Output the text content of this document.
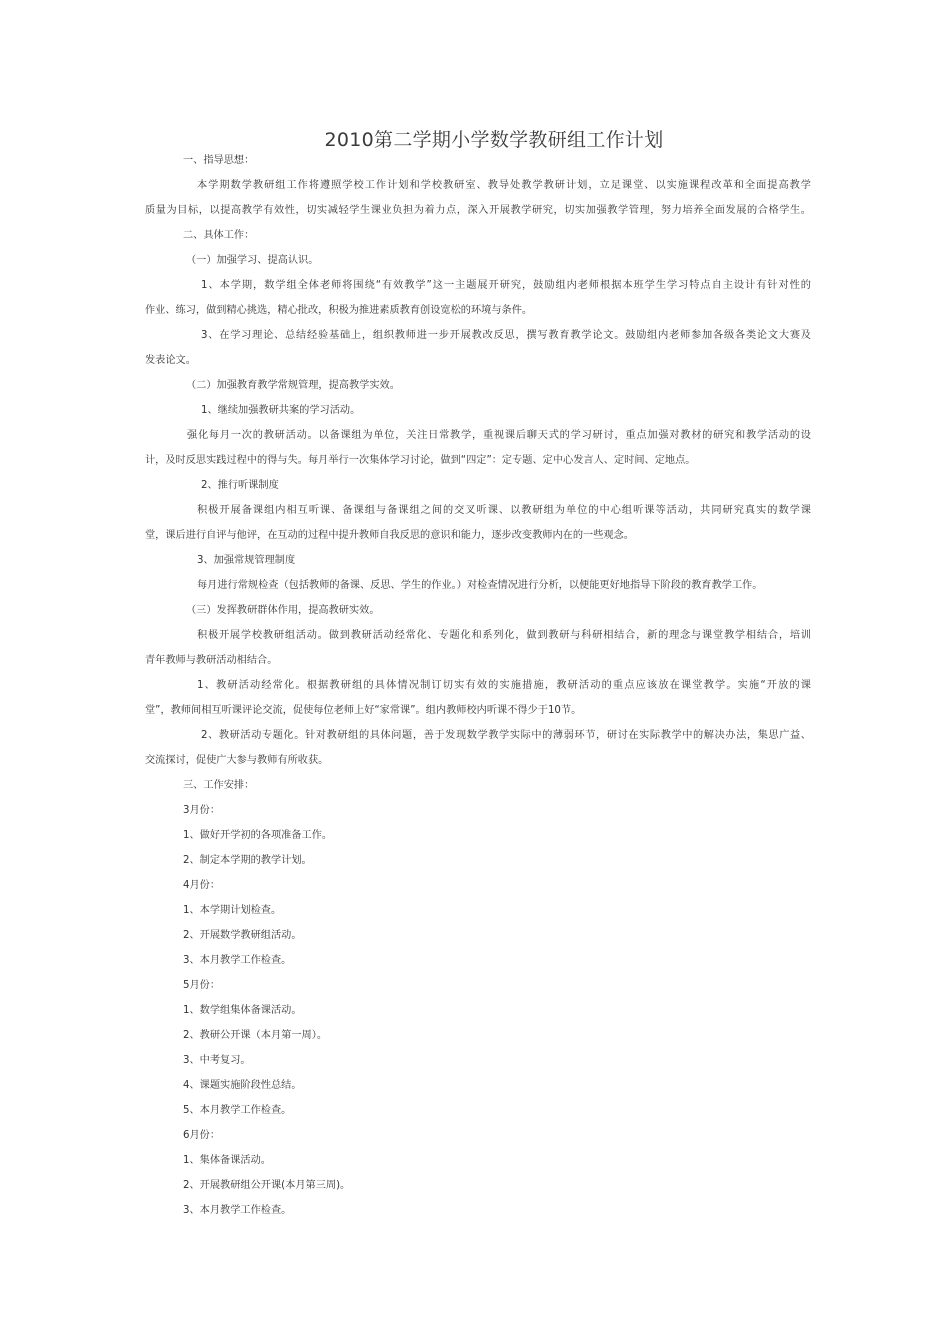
2010第二学期小学数学教研组工作计划
一、指导思想：
本学期数学教研组工作将遵照学校工作计划和学校教研室、教导处教学教研计划，立足课堂、以实施课程改革和全面提高教学
质量为目标，以提高教学有效性，切实减轻学生课业负担为着力点，深入开展教学研究，切实加强教学管理，努力培养全面发展的合格学生。
二、具体工作：
（一）加强学习、提高认识。
1、本学期，数学组全体老师将围绕“有效教学”这一主题展开研究，鼓励组内老师根据本班学生学习特点自主设计有针对性的
作业、练习，做到精心挑选，精心批改，积极为推进素质教育创设宽松的环境与条件。
3、在学习理论、总结经验基础上，组织教师进一步开展教改反思，撰写教育教学论文。鼓励组内老师参加各级各类论文大赛及
发表论文。
（二）加强教育教学常规管理，提高教学实效。
1、继续加强教研共案的学习活动。
强化每月一次的教研活动。以备课组为单位，关注日常教学，重视课后聊天式的学习研讨，重点加强对教材的研究和教学活动的设
计，及时反思实践过程中的得与失。每月举行一次集体学习讨论，做到“四定”：定专题、定中心发言人、定时间、定地点。
2、推行听课制度
积极开展备课组内相互听课、备课组与备课组之间的交叉听课、以教研组为单位的中心组听课等活动，共同研究真实的数学课
堂，课后进行自评与他评，在互动的过程中提升教师自我反思的意识和能力，逐步改变教师内在的一些观念。
3、加强常规管理制度
每月进行常规检查（包括教师的备课、反思、学生的作业。）对检查情况进行分析，以便能更好地指导下阶段的教育教学工作。
（三）发挥教研群体作用，提高教研实效。
积极开展学校教研组活动。做到教研活动经常化、专题化和系列化，做到教研与科研相结合，新的理念与课堂教学相结合，培训
青年教师与教研活动相结合。
1、教研活动经常化。根据教研组的具体情况制订切实有效的实施措施，教研活动的重点应该放在课堂教学。实施“开放的课
堂”，教师间相互听课评论交流，促使每位老师上好“家常课”。组内教师校内听课不得少于10节。
2、教研活动专题化。针对教研组的具体问题，善于发现数学教学实际中的薄弱环节，研讨在实际教学中的解决办法，集思广益、
交流探讨，促使广大参与教师有所收获。
三、工作安排：
3月份：
1、做好开学初的各项准备工作。
2、制定本学期的教学计划。
4月份：
1、本学期计划检查。
2、开展数学教研组活动。
3、本月教学工作检查。
5月份：
1、数学组集体备课活动。
2、教研公开课（本月第一周）。
3、中考复习。
4、课题实施阶段性总结。
5、本月教学工作检查。
6月份：
1、集体备课活动。
2、开展教研组公开课(本月第三周)。
3、本月教学工作检查。
